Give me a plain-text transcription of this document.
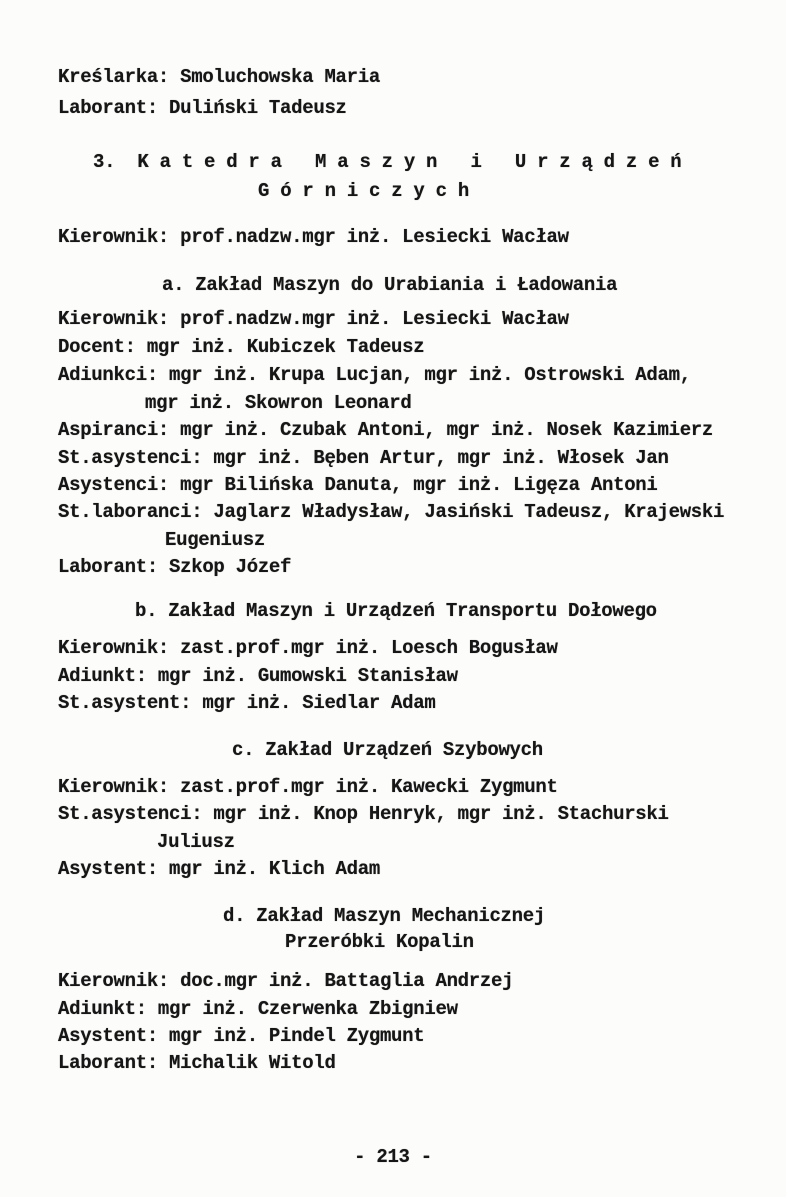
Kreślarka: Smoluchowska Maria
Laborant: Duliński Tadeusz
3.  K a t e d r a   M a s z y n   i   U r z ą d z e ń
G ó r n i c z y c h
Kierownik: prof.nadzw.mgr inż. Lesiecki Wacław
a. Zakład Maszyn do Urabiania i Ładowania
Kierownik: prof.nadzw.mgr inż. Lesiecki Wacław
Docent: mgr inż. Kubiczek Tadeusz
Adiunkci: mgr inż. Krupa Lucjan, mgr inż. Ostrowski Adam,
mgr inż. Skowron Leonard
Aspiranci: mgr inż. Czubak Antoni, mgr inż. Nosek Kazimierz
St.asystenci: mgr inż. Bęben Artur, mgr inż. Włosek Jan
Asystenci: mgr Bilińska Danuta, mgr inż. Ligęza Antoni
St.laboranci: Jaglarz Władysław, Jasiński Tadeusz, Krajewski
Eugeniusz
Laborant: Szkop Józef
b. Zakład Maszyn i Urządzeń Transportu Dołowego
Kierownik: zast.prof.mgr inż. Loesch Bogusław
Adiunkt: mgr inż. Gumowski Stanisław
St.asystent: mgr inż. Siedlar Adam
c. Zakład Urządzeń Szybowych
Kierownik: zast.prof.mgr inż. Kawecki Zygmunt
St.asystenci: mgr inż. Knop Henryk, mgr inż. Stachurski
Juliusz
Asystent: mgr inż. Klich Adam
d. Zakład Maszyn Mechanicznej
Przeróbki Kopalin
Kierownik: doc.mgr inż. Battaglia Andrzej
Adiunkt: mgr inż. Czerwenka Zbigniew
Asystent: mgr inż. Pindel Zygmunt
Laborant: Michalik Witold
- 213 -
